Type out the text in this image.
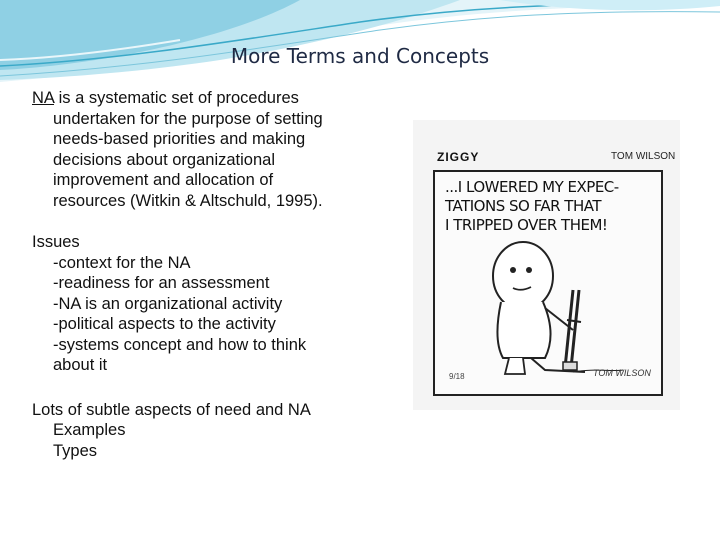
More Terms and Concepts
NA is a systematic set of procedures
undertaken for the purpose of setting
needs-based priorities and making
decisions about organizational
improvement and allocation of
resources (Witkin & Altschuld, 1995).
Issues
-context for the NA
-readiness for an assessment
-NA is an organizational activity
-political aspects to the activity
-systems concept and how to think
about it
Lots of subtle aspects of need and NA
Examples
Types
ZIGGY	TOM WILSON
...I LOWERED MY EXPEC-
TATIONS SO FAR THAT
I TRIPPED OVER THEM!
9/18	TOM WILSON
